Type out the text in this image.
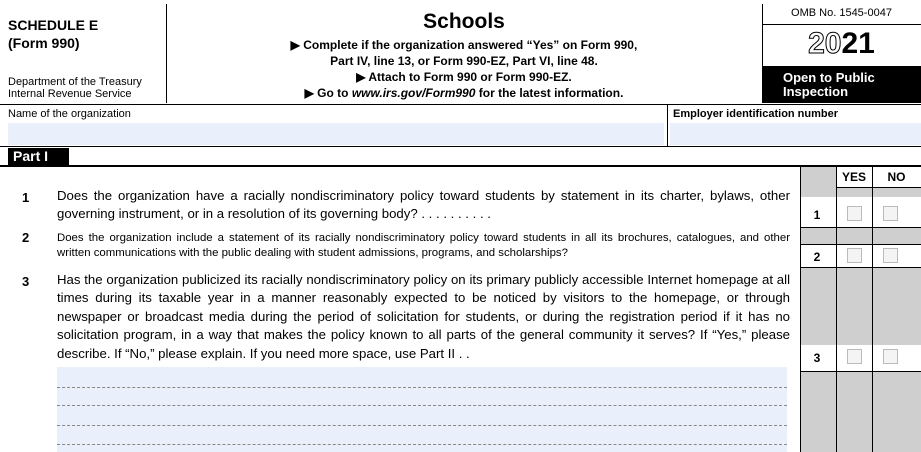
SCHEDULE E
(Form 990)
Department of the Treasury
Internal Revenue Service
Schools
▶ Complete if the organization answered “Yes” on Form 990,
Part IV, line 13, or Form 990-EZ, Part VI, line 48.
▶ Attach to Form 990 or Form 990-EZ.
▶ Go to www.irs.gov/Form990 for the latest information.
OMB No. 1545-0047
2021
Open to Public
Inspection
Name of the organization	Employer identification number
Part I
YES	NO
1 Does the organization have a racially nondiscriminatory policy toward students by statement in its charter, bylaws, other governing instrument, or in a resolution of its governing body? . . . . . . . . . .	1
2 Does the organization include a statement of its racially nondiscriminatory policy toward students in all its brochures, catalogues, and other written communications with the public dealing with student admissions, programs, and scholarships?	2
3 Has the organization publicized its racially nondiscriminatory policy on its primary publicly accessible Internet homepage at all times during its taxable year in a manner reasonably expected to be noticed by visitors to the homepage, or through newspaper or broadcast media during the period of solicitation for students, or during the registration period if it has no solicitation program, in a way that makes the policy known to all parts of the general community it serves? If “Yes,” please describe. If “No,” please explain. If you need more space, use Part II . .	3
